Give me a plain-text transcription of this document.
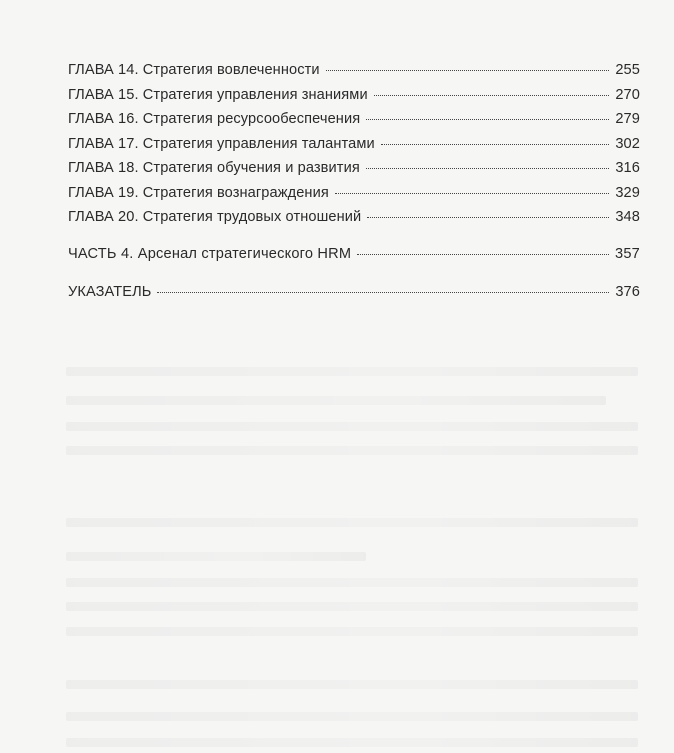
ГЛАВА 14. Стратегия вовлеченности	255
ГЛАВА 15. Стратегия управления знаниями	270
ГЛАВА 16. Стратегия ресурсообеспечения	279
ГЛАВА 17. Стратегия управления талантами	302
ГЛАВА 18. Стратегия обучения и развития	316
ГЛАВА 19. Стратегия вознаграждения	329
ГЛАВА 20. Стратегия трудовых отношений	348
ЧАСТЬ 4. Арсенал стратегического HRM	357
УКАЗАТЕЛЬ	376
